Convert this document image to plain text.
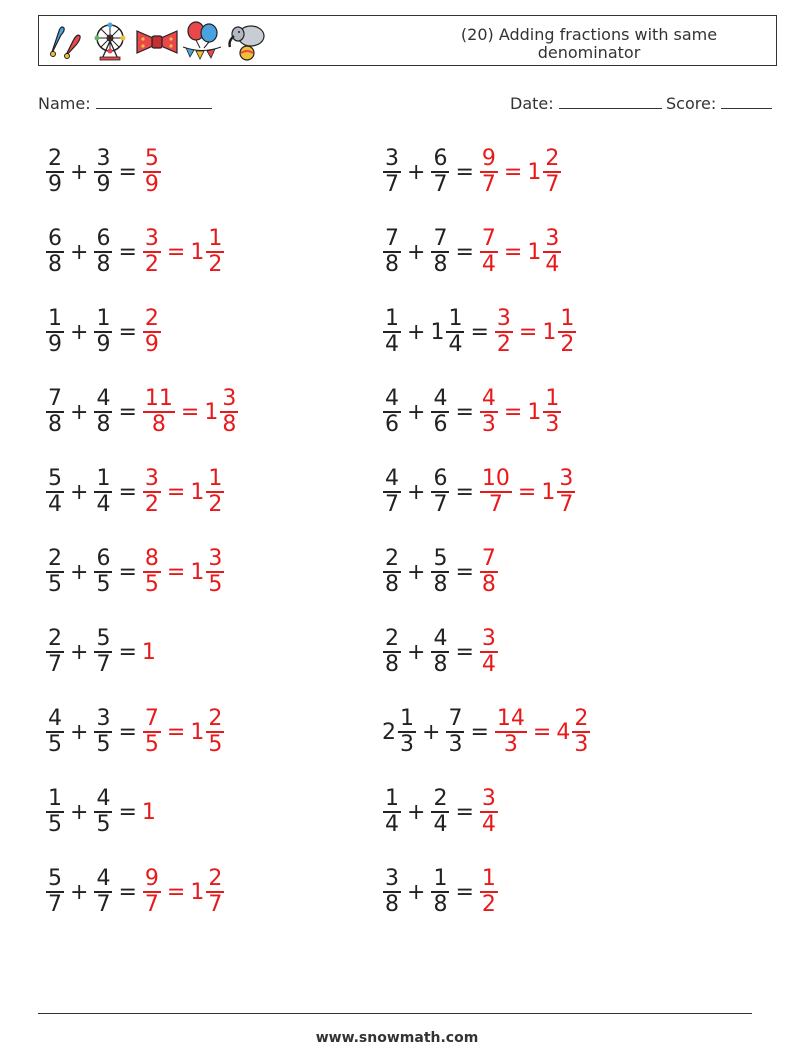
(20) Adding fractions with same
denominator
Name:	Date:	Score:
$\frac{2}{9} + \frac{3}{9} = \frac{5}{9}$	$\frac{3}{7} + \frac{6}{7} = \frac{9}{7} = 1 \frac{2}{7}$
$\frac{6}{8} + \frac{6}{8} = \frac{3}{2} = 1 \frac{1}{2}$	$\frac{7}{8} + \frac{7}{8} = \frac{7}{4} = 1 \frac{3}{4}$
$\frac{1}{9} + \frac{1}{9} = \frac{2}{9}$	$\frac{1}{4} + 1 \frac{1}{4} = \frac{3}{2} = 1 \frac{1}{2}$
$\frac{7}{8} + \frac{4}{8} = \frac{11}{8} = 1 \frac{3}{8}$	$\frac{4}{6} + \frac{4}{6} = \frac{4}{3} = 1 \frac{1}{3}$
$\frac{5}{4} + \frac{1}{4} = \frac{3}{2} = 1 \frac{1}{2}$	$\frac{4}{7} + \frac{6}{7} = \frac{10}{7} = 1 \frac{3}{7}$
$\frac{2}{5} + \frac{6}{5} = \frac{8}{5} = 1 \frac{3}{5}$	$\frac{2}{8} + \frac{5}{8} = \frac{7}{8}$
$\frac{2}{7} + \frac{5}{7} = 1$	$\frac{2}{8} + \frac{4}{8} = \frac{3}{4}$
$\frac{4}{5} + \frac{3}{5} = \frac{7}{5} = 1 \frac{2}{5}$	$2 \frac{1}{3} + \frac{7}{3} = \frac{14}{3} = 4 \frac{2}{3}$
$\frac{1}{5} + \frac{4}{5} = 1$	$\frac{1}{4} + \frac{2}{4} = \frac{3}{4}$
$\frac{5}{7} + \frac{4}{7} = \frac{9}{7} = 1 \frac{2}{7}$	$\frac{3}{8} + \frac{1}{8} = \frac{1}{2}$
www.snowmath.com
